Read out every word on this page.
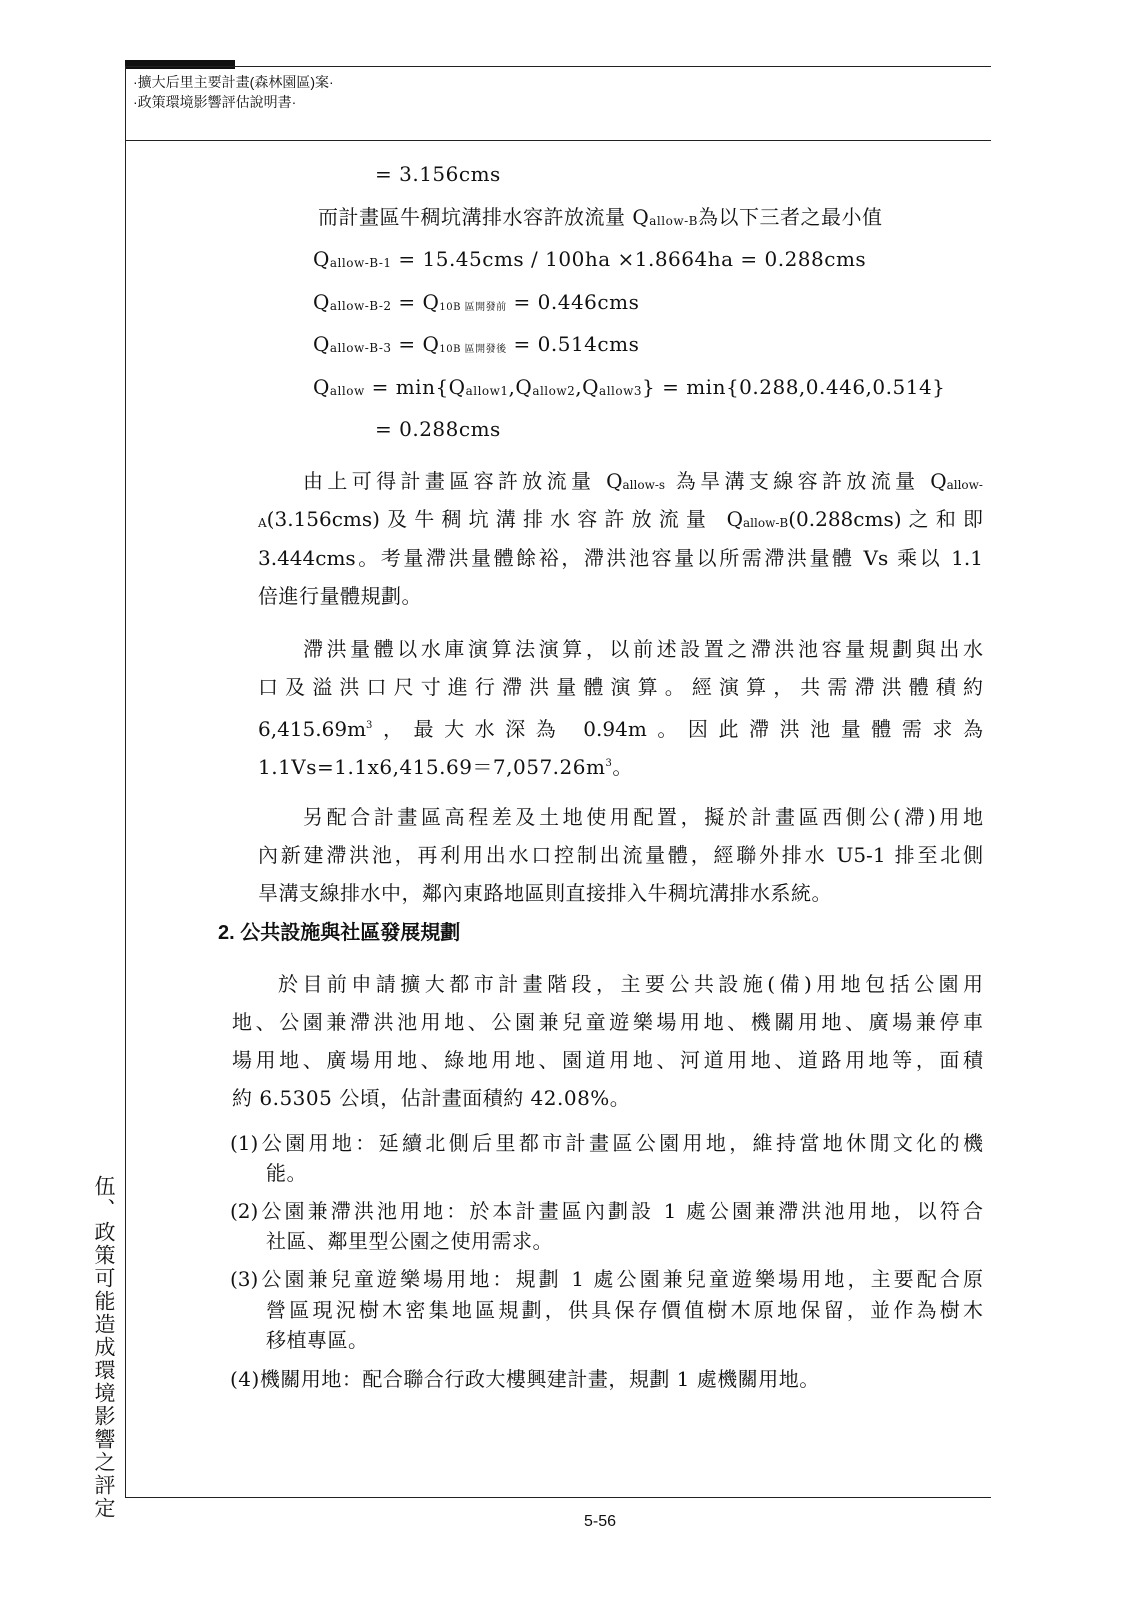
·擴大后里主要計畫(森林園區)案·
·政策環境影響評估說明書·
伍、政策可能造成環境影響之評定
5-56
= 3.156cms
而計畫區牛稠坑溝排水容許放流量 Qallow-B為以下三者之最小值
Qallow-B-1 = 15.45cms / 100ha ×1.8664ha = 0.288cms
Qallow-B-2 = Q10B 區開發前 = 0.446cms
Qallow-B-3 = Q10B 區開發後 = 0.514cms
Qallow = min{Qallow1,Qallow2,Qallow3} = min{0.288,0.446,0.514}
= 0.288cms
由上可得計畫區容許放流量 Qallow-s 為旱溝支線容許放流量 Qallow-
A(3.156cms)及牛稠坑溝排水容許放流量 Qallow-B(0.288cms)之和即
3.444cms。考量滯洪量體餘裕，滯洪池容量以所需滯洪量體 Vs 乘以 1.1
倍進行量體規劃。
滯洪量體以水庫演算法演算，以前述設置之滯洪池容量規劃與出水
口及溢洪口尺寸進行滯洪量體演算。經演算，共需滯洪體積約
$6,415.69m^3$，最大水深為 0.94m。因此滯洪池量體需求為
$1.1Vs=1.1x6,415.69=7,057.26m^3$。
另配合計畫區高程差及土地使用配置，擬於計畫區西側公(滯)用地
內新建滯洪池，再利用出水口控制出流量體，經聯外排水 U5-1 排至北側
旱溝支線排水中，鄰內東路地區則直接排入牛稠坑溝排水系統。
2. 公共設施與社區發展規劃
於目前申請擴大都市計畫階段，主要公共設施(備)用地包括公園用
地、公園兼滯洪池用地、公園兼兒童遊樂場用地、機關用地、廣場兼停車
場用地、廣場用地、綠地用地、園道用地、河道用地、道路用地等，面積
約 6.5305 公頃，佔計畫面積約 42.08%。
(1)公園用地：延續北側后里都市計畫區公園用地，維持當地休閒文化的機
能。
(2)公園兼滯洪池用地：於本計畫區內劃設 1 處公園兼滯洪池用地，以符合
社區、鄰里型公園之使用需求。
(3)公園兼兒童遊樂場用地：規劃 1 處公園兼兒童遊樂場用地，主要配合原
營區現況樹木密集地區規劃，供具保存價值樹木原地保留，並作為樹木
移植專區。
(4)機關用地：配合聯合行政大樓興建計畫，規劃 1 處機關用地。
